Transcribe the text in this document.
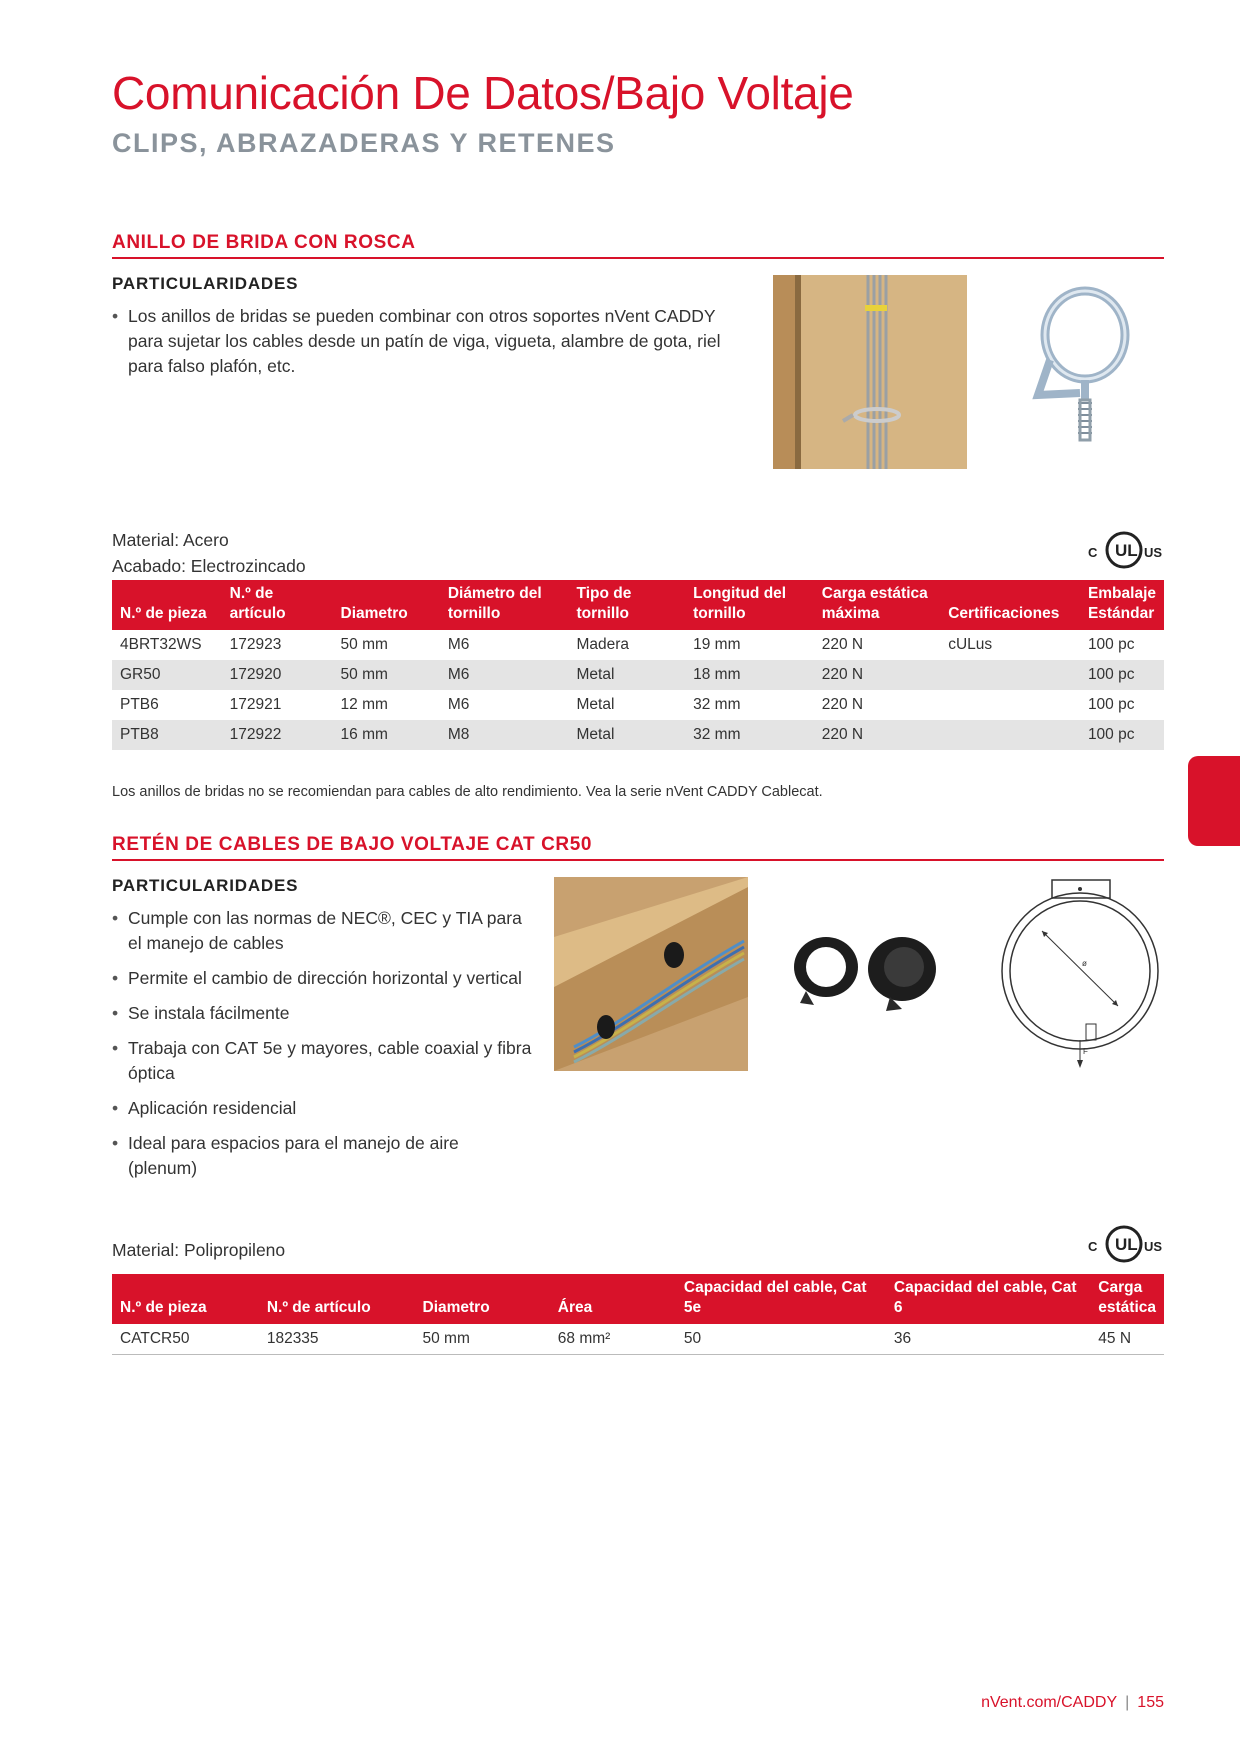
Comunicación De Datos/Bajo Voltaje
CLIPS, ABRAZADERAS Y RETENES
ANILLO DE BRIDA CON ROSCA
PARTICULARIDADES
• Los anillos de bridas se pueden combinar con otros soportes nVent CADDY para sujetar los cables desde un patín de viga, vigueta, alambre de gota, riel para falso plafón, etc.
Material: Acero
Acabado: Electrozincado
C UL US
N.º de pieza	N.º de artículo	Diametro	Diámetro del tornillo	Tipo de tornillo	Longitud del tornillo	Carga estática máxima	Certificaciones	Embalaje Estándar
4BRT32WS	172923	50 mm	M6	Madera	19 mm	220 N	cULus	100 pc
GR50	172920	50 mm	M6	Metal	18 mm	220 N		100 pc
PTB6	172921	12 mm	M6	Metal	32 mm	220 N		100 pc
PTB8	172922	16 mm	M8	Metal	32 mm	220 N		100 pc
Los anillos de bridas no se recomiendan para cables de alto rendimiento. Vea la serie nVent CADDY Cablecat.
RETÉN DE CABLES DE BAJO VOLTAJE CAT CR50
PARTICULARIDADES
• Cumple con las normas de NEC®, CEC y TIA para el manejo de cables
• Permite el cambio de dirección horizontal y vertical
• Se instala fácilmente
• Trabaja con CAT 5e y mayores, cable coaxial y fibra óptica
• Aplicación residencial
• Ideal para espacios para el manejo de aire (plenum)
ø
F
Material: Polipropileno	C UL US
N.º de pieza	N.º de artículo	Diametro	Área	Capacidad del cable, Cat 5e	Capacidad del cable, Cat 6	Carga estática
CATCR50	182335	50 mm	68 mm²	50	36	45 N
nVent.com/CADDY | 155
